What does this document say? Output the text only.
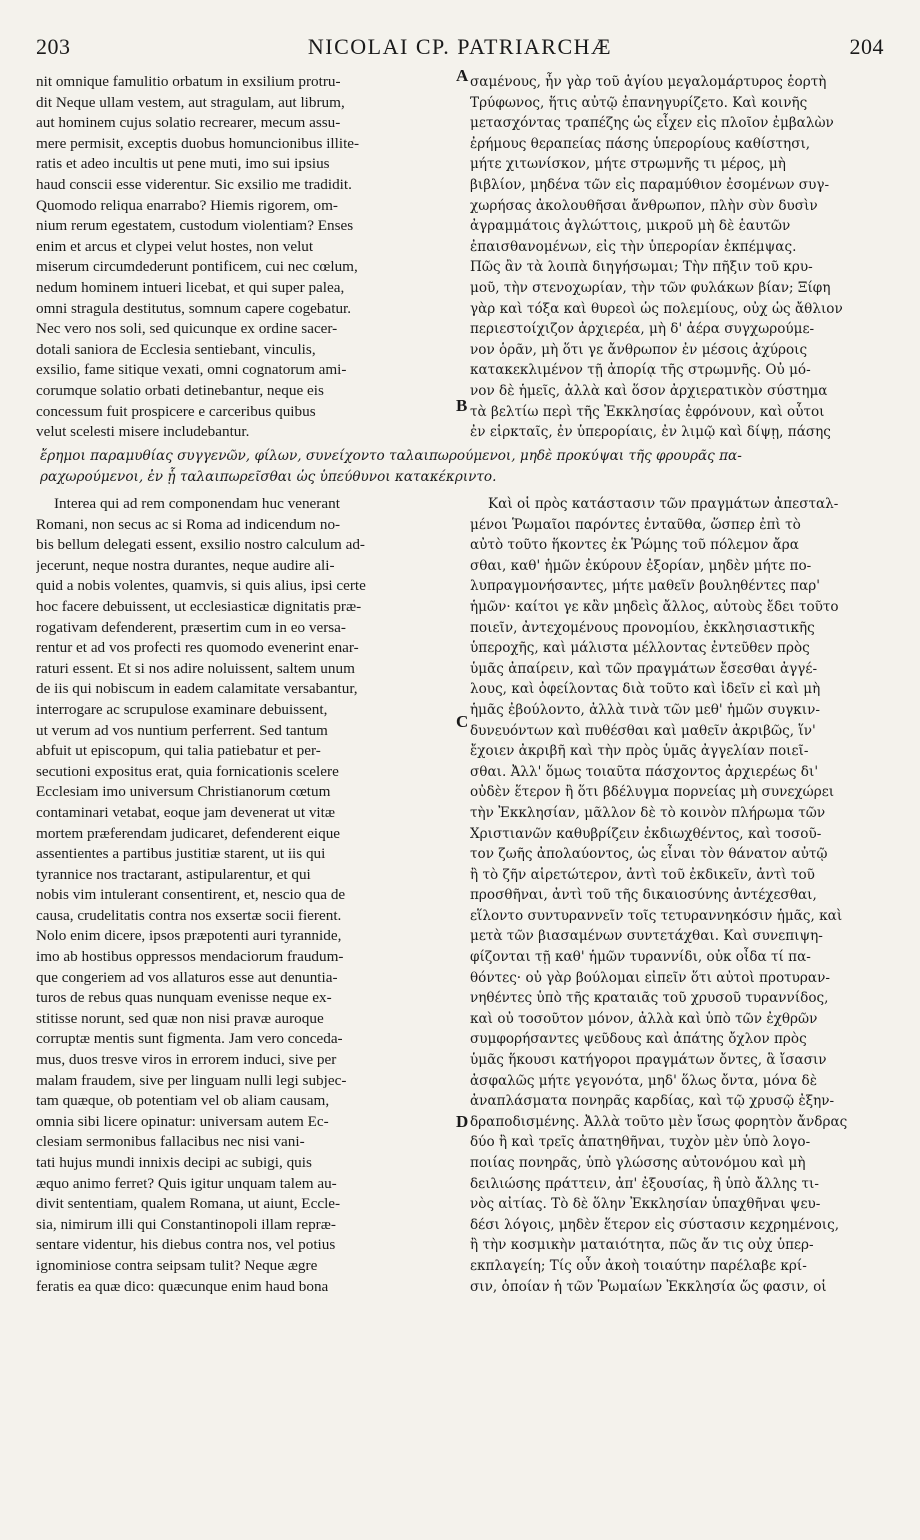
203	NICOLAI CP. PATRIARCHÆ	204
nit omnique famulitio orbatum in exsilium protru-
dit Neque ullam vestem, aut stragulam, aut librum,
aut hominem cujus solatio recrearer, mecum assu-
mere permisit, exceptis duobus homuncionibus illite-
ratis et adeo incultis ut pene muti, imo sui ipsius
haud conscii esse viderentur. Sic exsilio me tradidit.
Quomodo reliqua enarrabo? Hiemis rigorem, om-
nium rerum egestatem, custodum violentiam? Enses
enim et arcus et clypei velut hostes, non velut
miserum circumdederunt pontificem, cui nec cœlum,
nedum hominem intueri licebat, et qui super palea,
omni stragula destitutus, somnum capere cogebatur.
Nec vero nos soli, sed quicunque ex ordine sacer-
dotali saniora de Ecclesia sentiebant, vinculis,
exsilio, fame sitique vexati, omni cognatorum ami-
corumque solatio orbati detinebantur, neque eis
concessum fuit prospicere e carceribus quibus
velut scelesti misere includebantur.
σαμένους, ἦν γὰρ τοῦ ἁγίου μεγαλομάρτυρος ἑορτὴ
Τρύφωνος, ἥτις αὐτῷ ἐπανηγυρίζετο. Καὶ κοινῆς
μετασχόντας τραπέζης ὡς εἶχεν εἰς πλοῖον ἐμβαλὼν
ἐρήμους θεραπείας πάσης ὑπερορίους καθίστησι,
μήτε χιτωνίσκον, μήτε στρωμνῆς τι μέρος, μὴ
βιβλίον, μηδένα τῶν εἰς παραμύθιον ἐσομένων συγ-
χωρήσας ἀκολουθῆσαι ἄνθρωπον, πλὴν σὺν δυσὶν
ἀγραμμάτοις ἀγλώττοις, μικροῦ μὴ δὲ ἑαυτῶν
ἐπαισθανομένων, εἰς τὴν ὑπερορίαν ἐκπέμψας.
Πῶς ἂν τὰ λοιπὰ διηγήσωμαι; Τὴν πῆξιν τοῦ κρυ-
μοῦ, τὴν στενοχωρίαν, τὴν τῶν φυλάκων βίαν; Ξίφη
γὰρ καὶ τόξα καὶ θυρεοὶ ὡς πολεμίους, οὐχ ὡς ἄθλιον
περιεστοίχιζον ἀρχιερέα, μὴ δ' ἀέρα συγχωρούμε-
νον ὁρᾶν, μὴ ὅτι γε ἄνθρωπον ἐν μέσοις ἀχύροις
κατακεκλιμένον τῇ ἀπορίᾳ τῆς στρωμνῆς. Οὐ μό-
νον δὲ ἡμεῖς, ἀλλὰ καὶ ὅσον ἀρχιερατικὸν σύστημα
τὰ βελτίω περὶ τῆς Ἐκκλησίας ἐφρόνουν, καὶ οὗτοι
ἐν εἱρκταῖς, ἐν ὑπερορίαις, ἐν λιμῷ καὶ δίψῃ, πάσης
ἔρημοι παραμυθίας συγγενῶν, φίλων, συνείχοντο ταλαιπωρούμενοι, μηδὲ προκύψαι τῆς φρουρᾶς πα-
ραχωρούμενοι, ἐν ᾗ ταλαιπωρεῖσθαι ὡς ὑπεύθυνοι κατακέκριντο.
Interea qui ad rem componendam huc venerant
Romani, non secus ac si Roma ad indicendum no-
bis bellum delegati essent, exsilio nostro calculum ad-
jecerunt, neque nostra durantes, neque audire ali-
quid a nobis volentes, quamvis, si quis alius, ipsi certe
hoc facere debuissent, ut ecclesiasticæ dignitatis præ-
rogativam defenderent, præsertim cum in eo versa-
rentur et ad vos profecti res quomodo evenerint enar-
raturi essent. Et si nos adire noluissent, saltem unum
de iis qui nobiscum in eadem calamitate versabantur,
interrogare ac scrupulose examinare debuissent,
ut verum ad vos nuntium perferrent. Sed tantum
abfuit ut episcopum, qui talia patiebatur et per-
secutioni expositus erat, quia fornicationis scelere
Ecclesiam imo universum Christianorum cœtum
contaminari vetabat, eoque jam devenerat ut vitæ
mortem præferendam judicaret, defenderent eique
assentientes a partibus justitiæ starent, ut iis qui
tyrannice nos tractarant, astipularentur, et qui
nobis vim intulerant consentirent, et, nescio qua de
causa, crudelitatis contra nos exsertæ socii fierent.
Nolo enim dicere, ipsos præpotenti auri tyrannide,
imo ab hostibus oppressos mendaciorum fraudum-
que congeriem ad vos allaturos esse aut denuntia-
turos de rebus quas nunquam evenisse neque ex-
stitisse norunt, sed quæ non nisi pravæ auroque
corruptæ mentis sunt figmenta. Jam vero conceda-
mus, duos tresve viros in errorem induci, sive per
malam fraudem, sive per linguam nulli legi subjec-
tam quæque, ob potentiam vel ob aliam causam,
omnia sibi licere opinatur: universam autem Ec-
clesiam sermonibus fallacibus nec nisi vani-
tati hujus mundi innixis decipi ac subigi, quis
æquo animo ferret? Quis igitur unquam talem au-
divit sententiam, qualem Romana, ut aiunt, Eccle-
sia, nimirum illi qui Constantinopoli illam repræ-
sentare videntur, his diebus contra nos, vel potius
ignominiose contra seipsam tulit? Neque ægre
feratis ea quæ dico: quæcunque enim haud bona
Καὶ οἱ πρὸς κατάστασιν τῶν πραγμάτων ἀπεσταλ-
μένοι Ῥωμαῖοι παρόντες ἐνταῦθα, ὥσπερ ἐπὶ τὸ
αὐτὸ τοῦτο ἥκοντες ἐκ Ῥώμης τοῦ πόλεμον ἄρα
σθαι, καθ' ἡμῶν ἐκύρουν ἐξορίαν, μηδὲν μήτε πο-
λυπραγμονήσαντες, μήτε μαθεῖν βουληθέντες παρ'
ἡμῶν· καίτοι γε κἂν μηδεὶς ἄλλος, αὐτοὺς ἔδει τοῦτο
ποιεῖν, ἀντεχομένους προνομίου, ἐκκλησιαστικῆς
ὑπεροχῆς, καὶ μάλιστα μέλλοντας ἐντεῦθεν πρὸς
ὑμᾶς ἀπαίρειν, καὶ τῶν πραγμάτων ἔσεσθαι ἀγγέ-
λους, καὶ ὀφείλοντας διὰ τοῦτο καὶ ἰδεῖν εἰ καὶ μὴ
ἡμᾶς ἐβούλοντο, ἀλλὰ τινὰ τῶν μεθ' ἡμῶν συγκιν-
δυνευόντων καὶ πυθέσθαι καὶ μαθεῖν ἀκριβῶς, ἵν'
ἔχοιεν ἀκριβῆ καὶ τὴν πρὸς ὑμᾶς ἀγγελίαν ποιεῖ-
σθαι. Ἀλλ' ὅμως τοιαῦτα πάσχοντος ἀρχιερέως δι'
οὐδὲν ἕτερον ἢ ὅτι βδέλυγμα πορνείας μὴ συνεχώρει
τὴν Ἐκκλησίαν, μᾶλλον δὲ τὸ κοινὸν πλήρωμα τῶν
Χριστιανῶν καθυβρίζειν ἐκδιωχθέντος, καὶ τοσοῦ-
τον ζωῆς ἀπολαύοντος, ὡς εἶναι τὸν θάνατον αὐτῷ
ἢ τὸ ζῆν αἱρετώτερον, ἀντὶ τοῦ ἐκδικεῖν, ἀντὶ τοῦ
προσθῆναι, ἀντὶ τοῦ τῆς δικαιοσύνης ἀντέχεσθαι,
εἵλοντο συντυραννεῖν τοῖς τετυραννηκόσιν ἡμᾶς, καὶ
μετὰ τῶν βιασαμένων συντετάχθαι. Καὶ συνεπιψη-
φίζονται τῇ καθ' ἡμῶν τυραννίδι, οὐκ οἶδα τί πα-
θόντες· οὐ γὰρ βούλομαι εἰπεῖν ὅτι αὐτοὶ προτυραν-
νηθέντες ὑπὸ τῆς κραταιᾶς τοῦ χρυσοῦ τυραννίδος,
καὶ οὐ τοσοῦτον μόνον, ἀλλὰ καὶ ὑπὸ τῶν ἐχθρῶν
συμφορήσαντες ψεῦδους καὶ ἀπάτης ὄχλον πρὸς
ὑμᾶς ἥκουσι κατήγοροι πραγμάτων ὄντες, ἃ ἴσασιν
ἀσφαλῶς μήτε γεγονότα, μηδ' ὅλως ὄντα, μόνα δὲ
ἀναπλάσματα πονηρᾶς καρδίας, καὶ τῷ χρυσῷ ἐξην-
δραποδισμένης. Ἀλλὰ τοῦτο μὲν ἴσως φορητὸν ἄνδρας
δύο ἢ καὶ τρεῖς ἀπατηθῆναι, τυχὸν μὲν ὑπὸ λογο-
ποιίας πονηρᾶς, ὑπὸ γλώσσης αὐτονόμου καὶ μὴ
δειλιώσης πράττειν, ἀπ' ἐξουσίας, ἢ ὑπὸ ἄλλης τι-
νὸς αἰτίας. Τὸ δὲ ὅλην Ἐκκλησίαν ὑπαχθῆναι ψευ-
δέσι λόγοις, μηδὲν ἕτερον εἰς σύστασιν κεχρημένοις,
ἢ τὴν κοσμικὴν ματαιότητα, πῶς ἄν τις οὐχ ὑπερ-
εκπλαγείη; Τίς οὖν ἀκοὴ τοιαύτην παρέλαβε κρί-
σιν, ὁποίαν ἡ τῶν Ῥωμαίων Ἐκκλησία ὥς φασιν, οἱ
A
B
C
D
